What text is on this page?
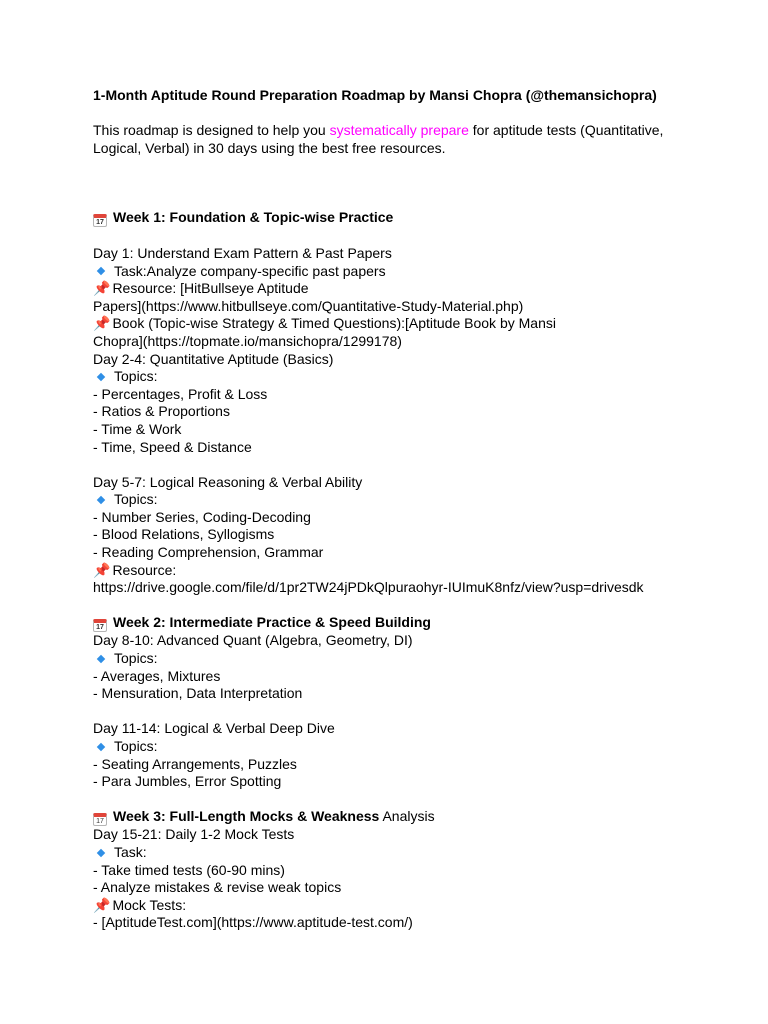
1-Month Aptitude Round Preparation Roadmap by Mansi Chopra (@themansichopra)
This roadmap is designed to help you systematically prepare for aptitude tests (Quantitative,
Logical, Verbal) in 30 days using the best free resources.
17 Week 1: Foundation & Topic-wise Practice
Day 1: Understand Exam Pattern & Past Papers
Task:Analyze company-specific past papers
📌 Resource: [HitBullseye Aptitude
Papers](https://www.hitbullseye.com/Quantitative-Study-Material.php)
📌 Book (Topic-wise Strategy & Timed Questions):[Aptitude Book by Mansi
Chopra](https://topmate.io/mansichopra/1299178)
Day 2-4: Quantitative Aptitude (Basics)
Topics:
- Percentages, Profit & Loss
- Ratios & Proportions
- Time & Work
- Time, Speed & Distance
Day 5-7: Logical Reasoning & Verbal Ability
Topics:
- Number Series, Coding-Decoding
- Blood Relations, Syllogisms
- Reading Comprehension, Grammar
📌 Resource:
https://drive.google.com/file/d/1pr2TW24jPDkQlpuraohyr-IUImuK8nfz/view?usp=drivesdk
17 Week 2: Intermediate Practice & Speed Building
Day 8-10: Advanced Quant (Algebra, Geometry, DI)
Topics:
- Averages, Mixtures
- Mensuration, Data Interpretation
Day 11-14: Logical & Verbal Deep Dive
Topics:
- Seating Arrangements, Puzzles
- Para Jumbles, Error Spotting
17 Week 3: Full-Length Mocks & Weakness Analysis
Day 15-21: Daily 1-2 Mock Tests
Task:
- Take timed tests (60-90 mins)
- Analyze mistakes & revise weak topics
📌 Mock Tests:
- [AptitudeTest.com](https://www.aptitude-test.com/)
